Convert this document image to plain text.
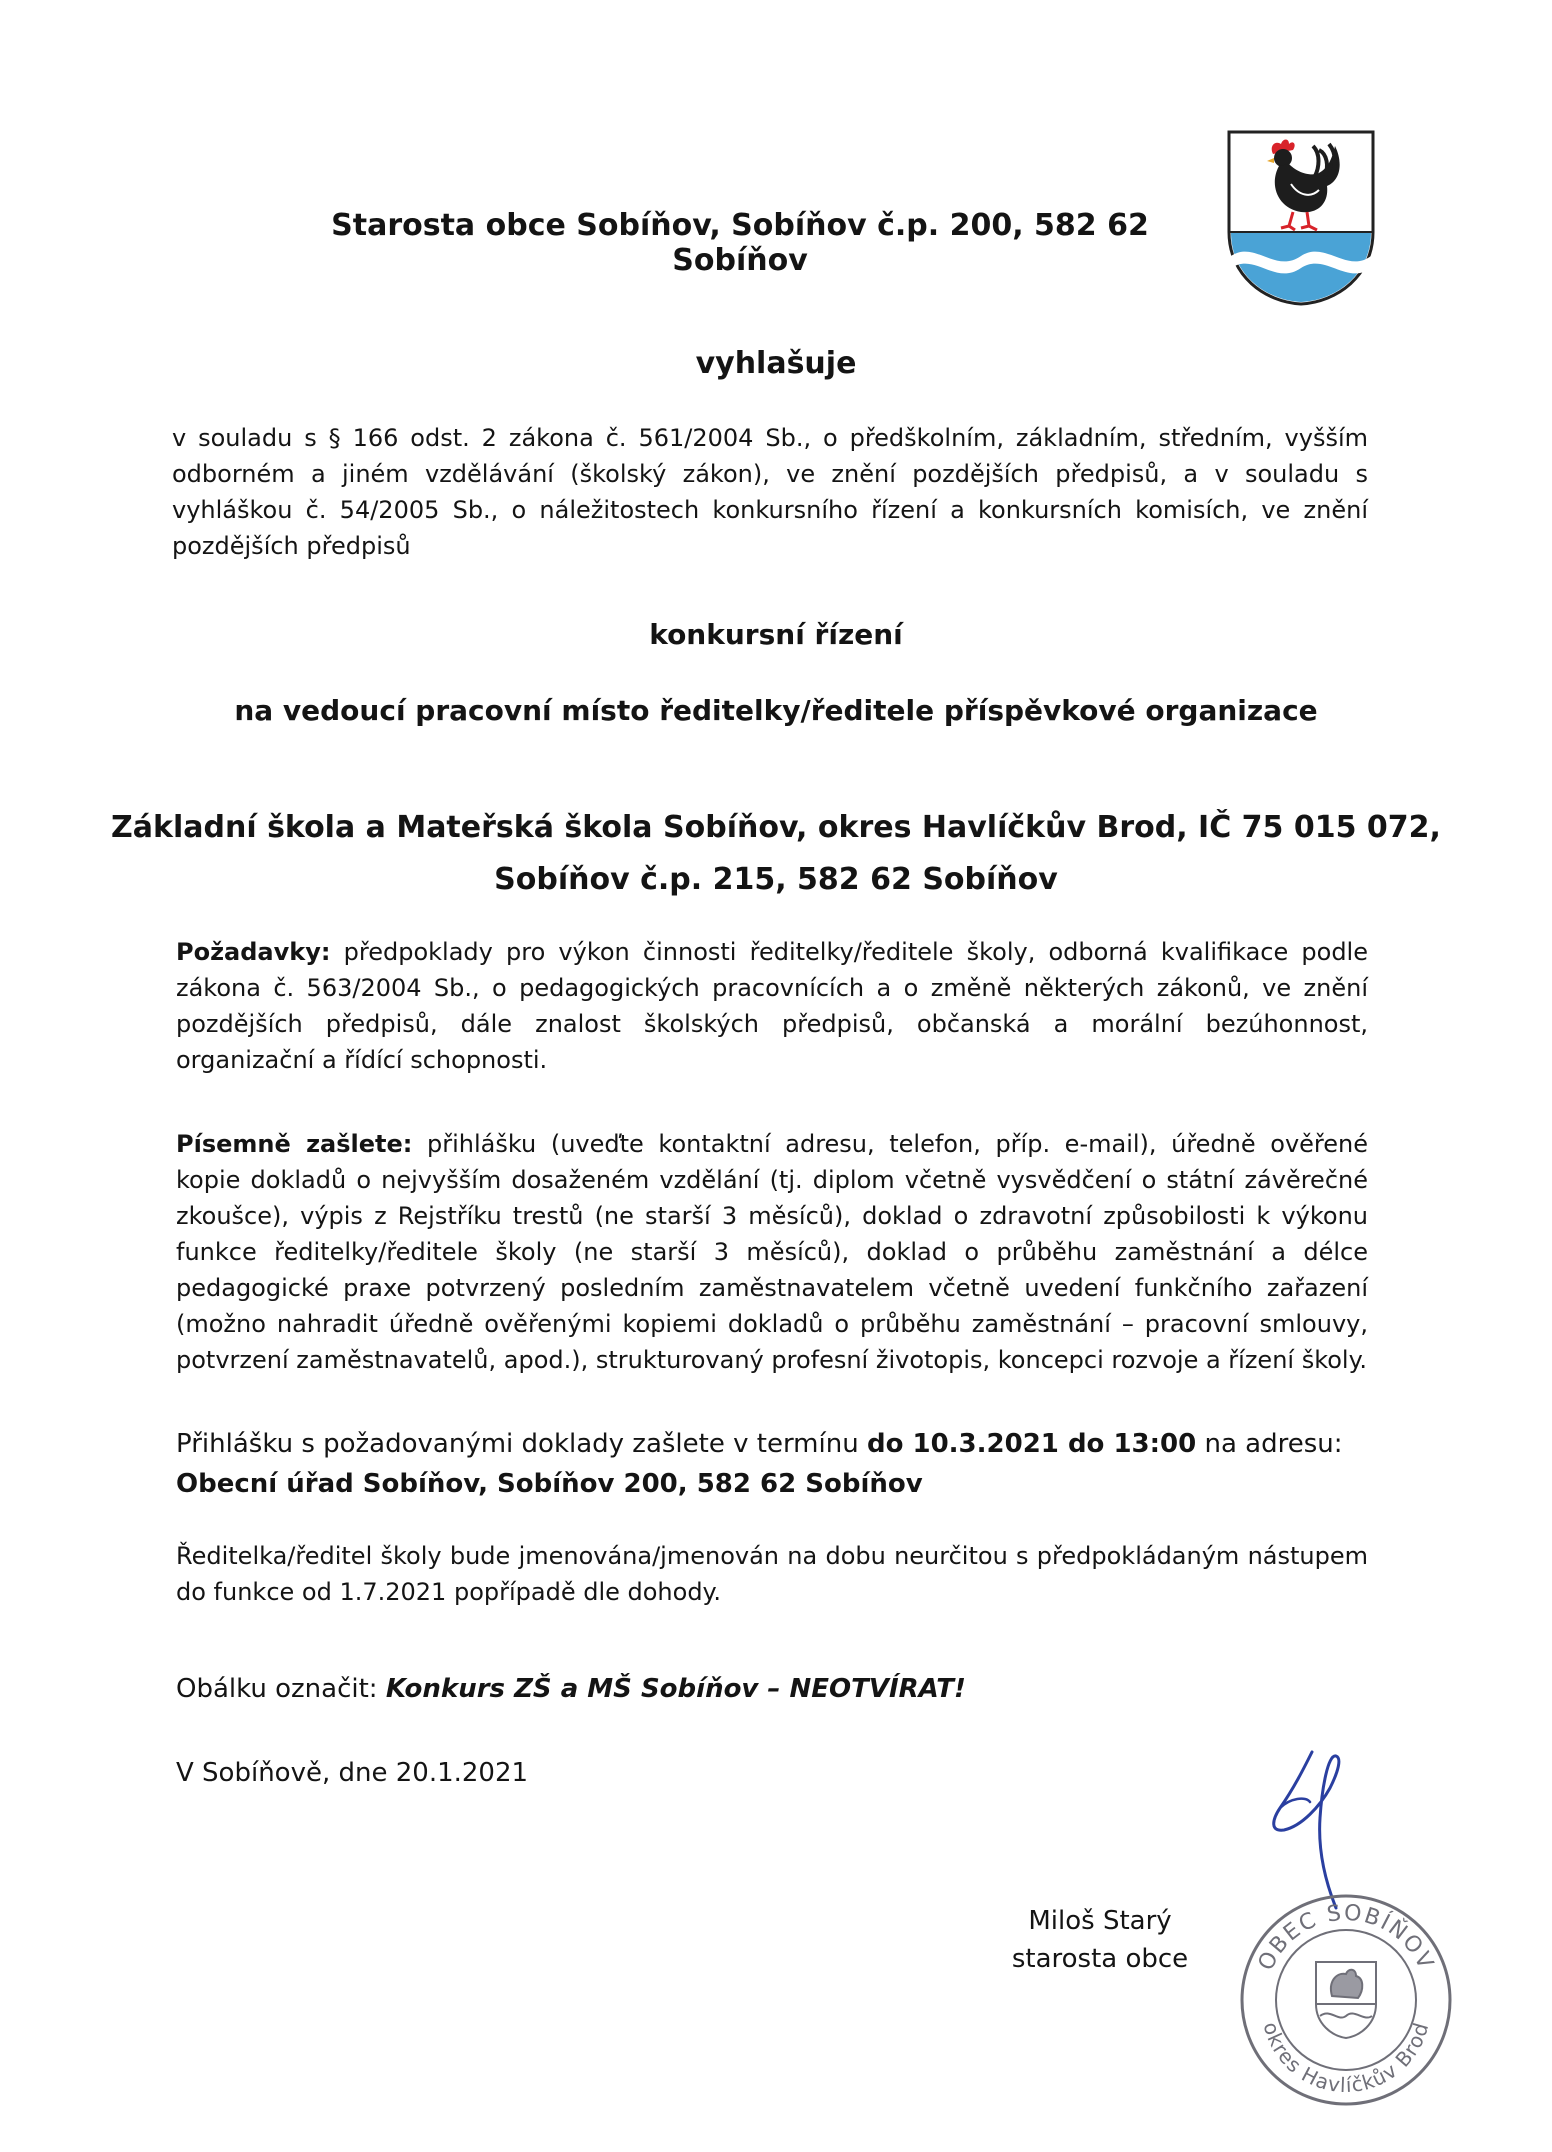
Starosta obce Sobíňov, Sobíňov č.p. 200, 582 62 Sobíňov
vyhlašuje
v souladu s § 166 odst. 2 zákona č. 561/2004 Sb., o předškolním, základním, středním, vyšším odborném a jiném vzdělávání (školský zákon), ve znění pozdějších předpisů, a v souladu s vyhláškou č. 54/2005 Sb., o náležitostech konkursního řízení a konkursních komisích, ve znění pozdějších předpisů
konkursní řízení
na vedoucí pracovní místo ředitelky/ředitele příspěvkové organizace
Základní škola a Mateřská škola Sobíňov, okres Havlíčkův Brod, IČ 75 015 072,
Sobíňov č.p. 215, 582 62 Sobíňov
Požadavky: předpoklady pro výkon činnosti ředitelky/ředitele školy, odborná kvalifikace podle zákona č. 563/2004 Sb., o pedagogických pracovnících a o změně některých zákonů, ve znění pozdějších předpisů, dále znalost školských předpisů, občanská a morální bezúhonnost, organizační a řídící schopnosti.
Písemně zašlete: přihlášku (uveďte kontaktní adresu, telefon, příp. e-mail), úředně ověřené kopie dokladů o nejvyšším dosaženém vzdělání (tj. diplom včetně vysvědčení o státní závěrečné zkoušce), výpis z Rejstříku trestů (ne starší 3 měsíců), doklad o zdravotní způsobilosti k výkonu funkce ředitelky/ředitele školy (ne starší 3 měsíců), doklad o průběhu zaměstnání a délce pedagogické praxe potvrzený posledním zaměstnavatelem včetně uvedení funkčního zařazení (možno nahradit úředně ověřenými kopiemi dokladů o průběhu zaměstnání – pracovní smlouvy, potvrzení zaměstnavatelů, apod.), strukturovaný profesní životopis, koncepci rozvoje a řízení školy.
Přihlášku s požadovanými doklady zašlete v termínu do 10.3.2021 do 13:00 na adresu:
Obecní úřad Sobíňov, Sobíňov 200, 582 62 Sobíňov
Ředitelka/ředitel školy bude jmenována/jmenován na dobu neurčitou s předpokládaným nástupem do funkce od 1.7.2021 popřípadě dle dohody.
Obálku označit: Konkurs ZŠ a MŠ Sobíňov – NEOTVÍRAT!
V Sobíňově, dne 20.1.2021
Miloš Starý
starosta obce	OBEC SOBÍŇOV
okres Havlíčkův Brod
